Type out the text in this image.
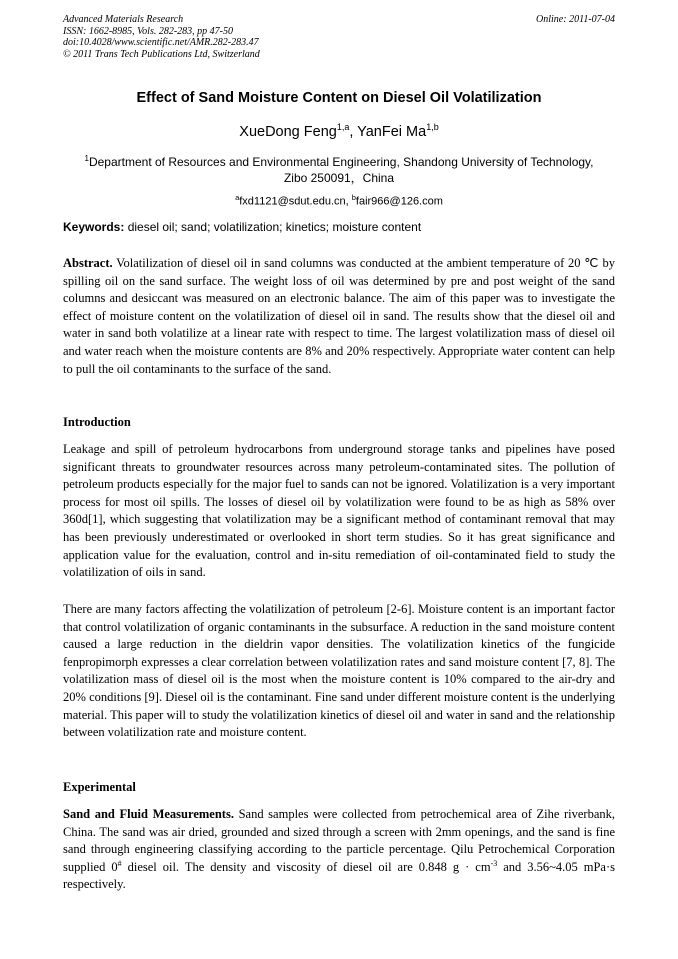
Advanced Materials Research
ISSN: 1662-8985, Vols. 282-283, pp 47-50
doi:10.4028/www.scientific.net/AMR.282-283.47
© 2011 Trans Tech Publications Ltd, Switzerland
Online: 2011-07-04
Effect of Sand Moisture Content on Diesel Oil Volatilization
XueDong Feng$^{1,a}$, YanFei Ma$^{1,b}$
$^1$Department of Resources and Environmental Engineering, Shandong University of Technology,
Zibo 250091，China
$^a$fxd1121@sdut.edu.cn, $^b$fair966@126.com
Keywords: diesel oil; sand; volatilization; kinetics; moisture content
Abstract. Volatilization of diesel oil in sand columns was conducted at the ambient temperature of 20 ℃ by spilling oil on the sand surface. The weight loss of oil was determined by pre and post weight of the sand columns and desiccant was measured on an electronic balance. The aim of this paper was to investigate the effect of moisture content on the volatilization of diesel oil in sand. The results show that the diesel oil and water in sand both volatilize at a linear rate with respect to time. The largest volatilization mass of diesel oil and water reach when the moisture contents are 8% and 20% respectively. Appropriate water content can help to pull the oil contaminants to the surface of the sand.
Introduction
Leakage and spill of petroleum hydrocarbons from underground storage tanks and pipelines have posed significant threats to groundwater resources across many petroleum-contaminated sites. The pollution of petroleum products especially for the major fuel to sands can not be ignored. Volatilization is a very important process for most oil spills. The losses of diesel oil by volatilization were found to be as high as 58% over 360d[1], which suggesting that volatilization may be a significant method of contaminant removal that may has been previously underestimated or overlooked in short term studies. So it has great significance and application value for the evaluation, control and in-situ remediation of oil-contaminated field to study the volatilization of oils in sand.
There are many factors affecting the volatilization of petroleum [2-6]. Moisture content is an important factor that control volatilization of organic contaminants in the subsurface. A reduction in the sand moisture content caused a large reduction in the dieldrin vapor densities. The volatilization kinetics of the fungicide fenpropimorph expresses a clear correlation between volatilization rates and sand moisture content [7, 8]. The volatilization mass of diesel oil is the most when the moisture content is 10% compared to the air-dry and 20% conditions [9]. Diesel oil is the contaminant. Fine sand under different moisture content is the underlying material. This paper will to study the volatilization kinetics of diesel oil and water in sand and the relationship between volatilization rate and moisture content.
Experimental
Sand and Fluid Measurements. Sand samples were collected from petrochemical area of Zihe riverbank, China. The sand was air dried, grounded and sized through a screen with 2mm openings, and the sand is fine sand through engineering classifying according to the particle percentage. Qilu Petrochemical Corporation supplied 0# diesel oil. The density and viscosity of diesel oil are 0.848 $g \cdot cm^{-3}$ and 3.56~4.05 mPa·s respectively.
